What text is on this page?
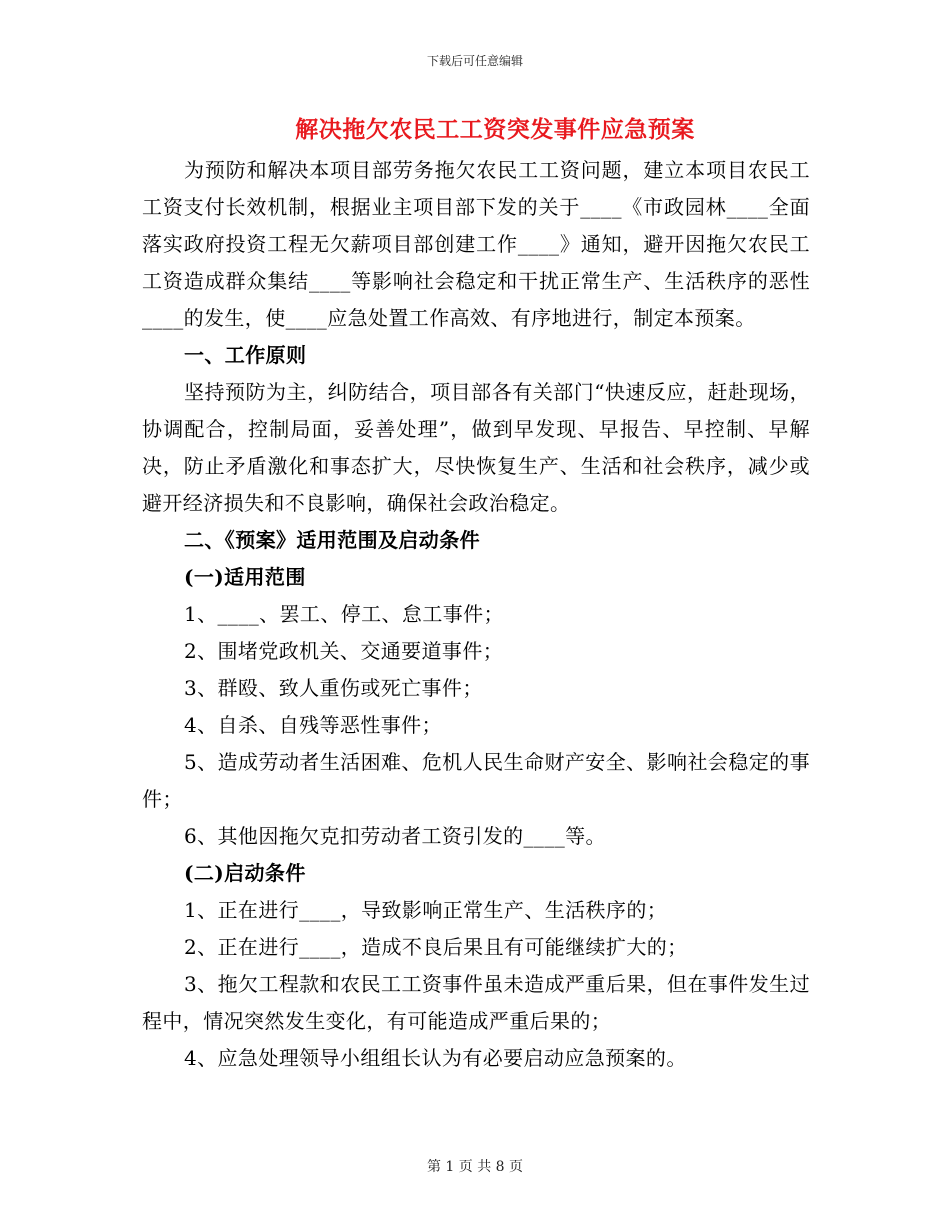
下载后可任意编辑
解决拖欠农民工工资突发事件应急预案

为预防和解决本项目部劳务拖欠农民工工资问题，建立本项目农民工工资支付长效机制，根据业主项目部下发的关于____《市政园林____全面落实政府投资工程无欠薪项目部创建工作____》通知，避开因拖欠农民工工资造成群众集结____等影响社会稳定和干扰正常生产、生活秩序的恶性____的发生，使____应急处置工作高效、有序地进行，制定本预案。

一、工作原则

坚持预防为主，纠防结合，项目部各有关部门“快速反应，赶赴现场，协调配合，控制局面，妥善处理”，做到早发现、早报告、早控制、早解决，防止矛盾激化和事态扩大，尽快恢复生产、生活和社会秩序，减少或避开经济损失和不良影响，确保社会政治稳定。

二、《预案》适用范围及启动条件

(一)适用范围

1、____、罢工、停工、怠工事件；

2、围堵党政机关、交通要道事件；

3、群殴、致人重伤或死亡事件；

4、自杀、自残等恶性事件；

5、造成劳动者生活困难、危机人民生命财产安全、影响社会稳定的事件；

6、其他因拖欠克扣劳动者工资引发的____等。

(二)启动条件

1、正在进行____，导致影响正常生产、生活秩序的；

2、正在进行____，造成不良后果且有可能继续扩大的；

3、拖欠工程款和农民工工资事件虽未造成严重后果，但在事件发生过程中，情况突然发生变化，有可能造成严重后果的；

4、应急处理领导小组组长认为有必要启动应急预案的。

第 1 页 共 8 页
